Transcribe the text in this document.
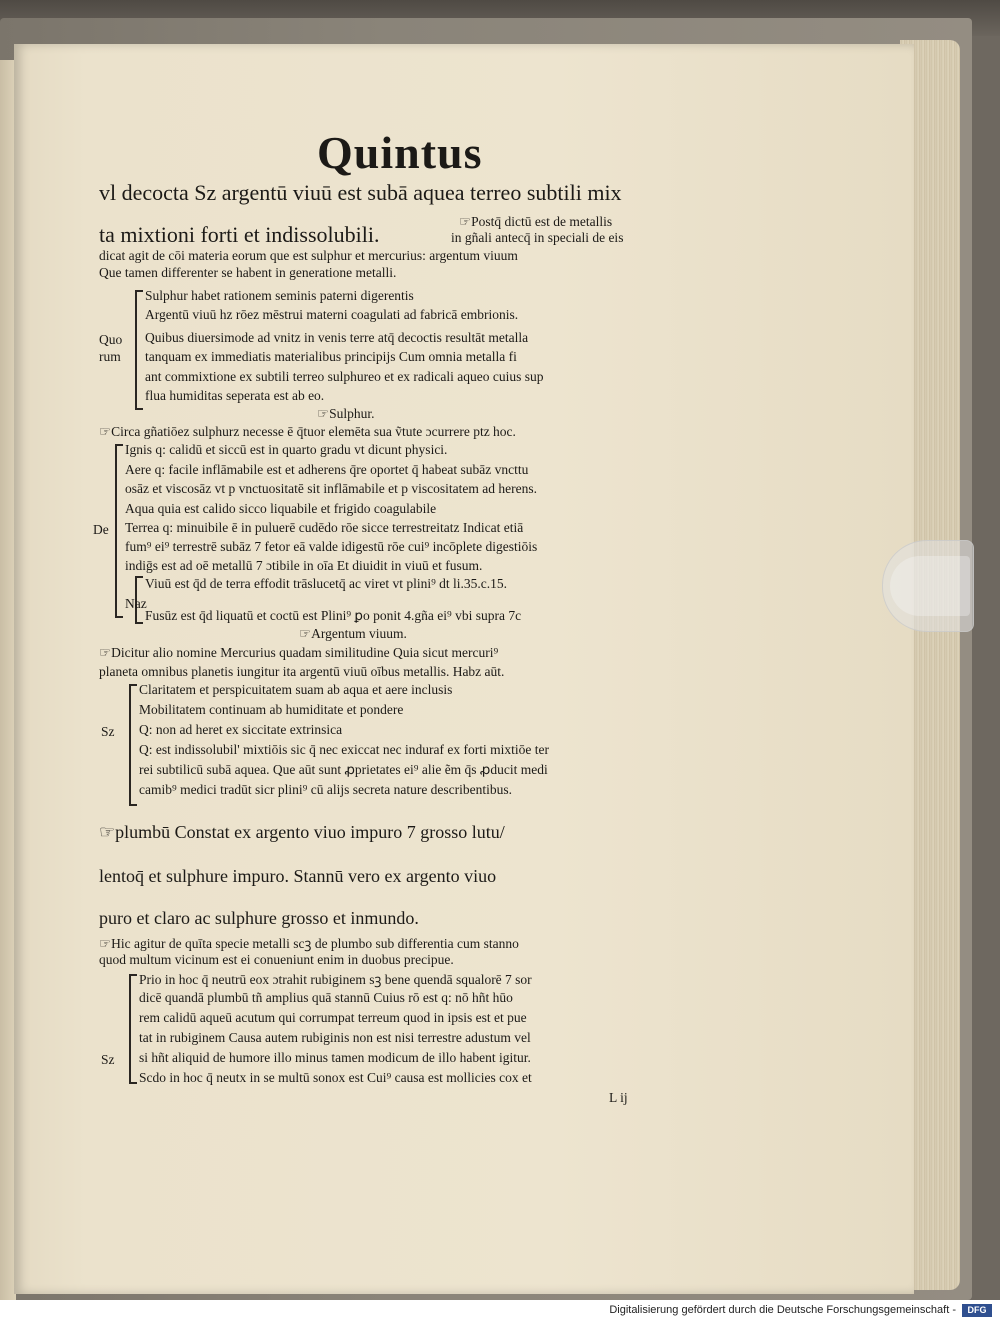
Quintus
vl decocta Sz argentū viuū est subā aquea terreo subtili mix
ta mixtioni forti et indissolubili.
☞Postq̄ dictū est de metallis
in gñali antecq̄ in speciali de eis
dicat agit de cōi materia eorum que est sulphur et mercurius: argentum viuum
Que tamen differenter se habent in generatione metalli.
Quo
rum
Sulphur habet rationem seminis paterni digerentis
Argentū viuū hz rōez mēstrui materni coagulati ad fabricā embrionis.
Quibus diuersimode ad vnitz in venis terre atq̄ decoctis resultāt metalla
tanquam ex immediatis materialibus principijs Cum omnia metalla fi
ant commixtione ex subtili terreo sulphureo et ex radicali aqueo cuius sup
flua humiditas seperata est ab eo.
☞Sulphur.
☞Circa gñatiōez sulphurz necesse ē q̄tuor elemēta sua ṽtute ɔcurrere ptz hoc.
Ignis q: calidū et siccū est in quarto gradu vt dicunt physici.
Aere q: facile inflāmabile est et adherens q̄re oportet q̄ habeat subāz vncttu
osāz et viscosāz vt p vnctuositatē sit inflāmabile et p viscositatem ad herens.
Aqua quia est calido sicco liquabile et frigido coagulabile
De Terrea q: minuibile ē in puluerē cudēdo rōe sicce terrestreitatz Indicat etiā
fum⁹ ei⁹ terrestrē subāz 7 fetor eā valde idigestū rōe cui⁹ incōplete digestiōis
indiḡs est ad oē metallū 7 ɔtibile in oīa Et diuidit in viuū et fusum.
Viuū est q̄d de terra effodit trāslucetq̄ ac viret vt plini⁹ dt li.35.c.15.
Naz
Fusūz est q̄d liquatū et coctū est Plini⁹ ꝑo ponit 4.gña ei⁹ vbi supra 7c
☞Argentum viuum.
☞Dicitur alio nomine Mercurius quadam similitudine Quia sicut mercuri⁹
planeta omnibus planetis iungitur ita argentū viuū oībus metallis. Habz aūt.
Claritatem et perspicuitatem suam ab aqua et aere inclusis
Mobilitatem continuam ab humiditate et pondere
Sz Q: non ad heret ex siccitate extrinsica
Q: est indissolubil' mixtiōis sic q̄ nec exiccat nec induraf ex forti mixtiōe ter
rei subtilicū subā aquea. Que aūt sunt ꝓprietates ei⁹ alie ẽm q̄s ꝓducit medi
camib⁹ medici tradūt sicr plini⁹ cū alijs secreta nature describentibus.
☞plumbū Constat ex argento viuo impuro 7 grosso lutu/
lentoq̄ et sulphure impuro. Stannū vero ex argento viuo
puro et claro ac sulphure grosso et inmundo.
☞Hic agitur de quīta specie metalli scꝫ de plumbo sub differentia cum stanno
quod multum vicinum est ei conueniunt enim in duobus precipue.
Prio in hoc q̄ neutrū eox ɔtrahit rubiginem sꝫ bene quendā squalorē 7 sor
dicē quandā plumbū tñ amplius quā stannū Cuius rō est q: nō hñt hūo
rem calidū aqueū acutum qui corrumpat terreum quod in ipsis est et pue
tat in rubiginem Causa autem rubiginis non est nisi terrestre adustum vel
Sz si hñt aliquid de humore illo minus tamen modicum de illo habent igitur.
Scdo in hoc q̄ neutx in se multū sonox est Cui⁹ causa est mollicies cox et
L ij
Digitalisierung gefördert durch die Deutsche Forschungsgemeinschaft -	DFG
